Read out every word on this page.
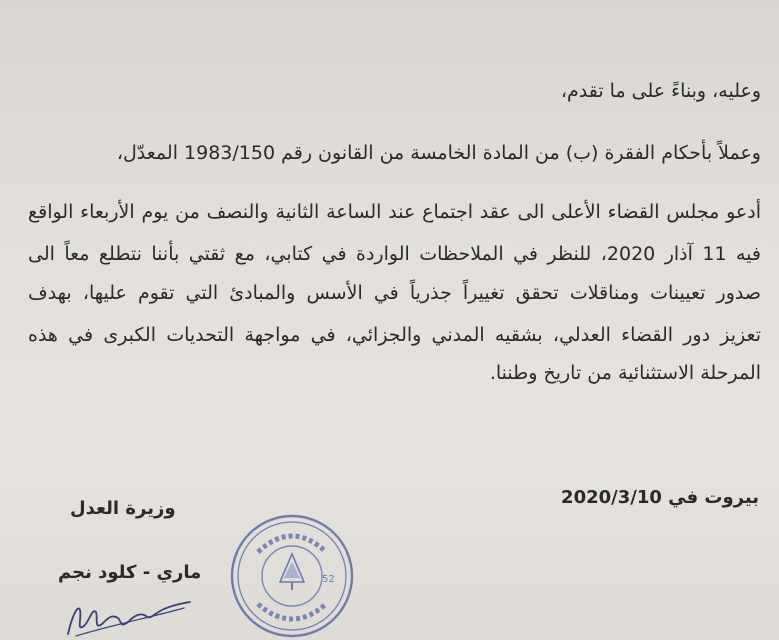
وعليه، وبناءً على ما تقدم،
وعملاً بأحكام الفقرة (ب) من المادة الخامسة من القانون رقم 1983/150 المعدّل،
أدعو مجلس القضاء الأعلى الى عقد اجتماع عند الساعة الثانية والنصف من يوم الأربعاء الواقع
فيه 11 آذار 2020، للنظر في الملاحظات الواردة في كتابي، مع ثقتي بأننا نتطلع معاً الى
صدور تعيينات ومناقلات تحقق تغييراً جذرياً في الأسس والمبادئ التي تقوم عليها، بهدف
تعزيز دور القضاء العدلي، بشقيه المدني والجزائي، في مواجهة التحديات الكبرى في هذه
المرحلة الاستثنائية من تاريخ وطننا.
بيروت في 2020/3/10
وزيرة العدل
ماري - كلود نجم	52
